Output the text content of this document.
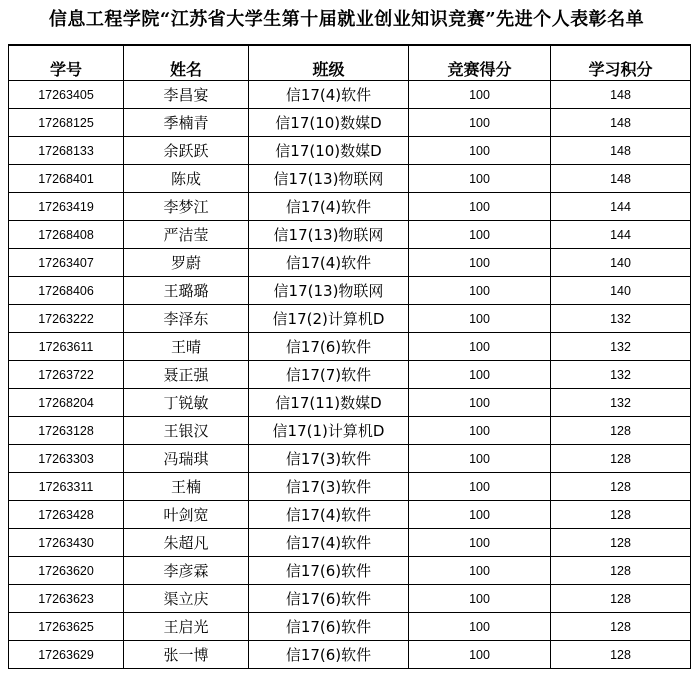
信息工程学院“江苏省大学生第十届就业创业知识竞赛”先进个人表彰名单
学号	姓名	班级	竞赛得分	学习积分
17263405	李昌宴	信17(4)软件	100	148
17268125	季楠青	信17(10)数媒D	100	148
17268133	余跃跃	信17(10)数媒D	100	148
17268401	陈成	信17(13)物联网	100	148
17263419	李梦江	信17(4)软件	100	144
17268408	严洁莹	信17(13)物联网	100	144
17263407	罗蔚	信17(4)软件	100	140
17268406	王璐璐	信17(13)物联网	100	140
17263222	李泽东	信17(2)计算机D	100	132
17263611	王晴	信17(6)软件	100	132
17263722	聂正强	信17(7)软件	100	132
17268204	丁锐敏	信17(11)数媒D	100	132
17263128	王银汉	信17(1)计算机D	100	128
17263303	冯瑞琪	信17(3)软件	100	128
17263311	王楠	信17(3)软件	100	128
17263428	叶剑宽	信17(4)软件	100	128
17263430	朱超凡	信17(4)软件	100	128
17263620	李彦霖	信17(6)软件	100	128
17263623	渠立庆	信17(6)软件	100	128
17263625	王启光	信17(6)软件	100	128
17263629	张一博	信17(6)软件	100	128
